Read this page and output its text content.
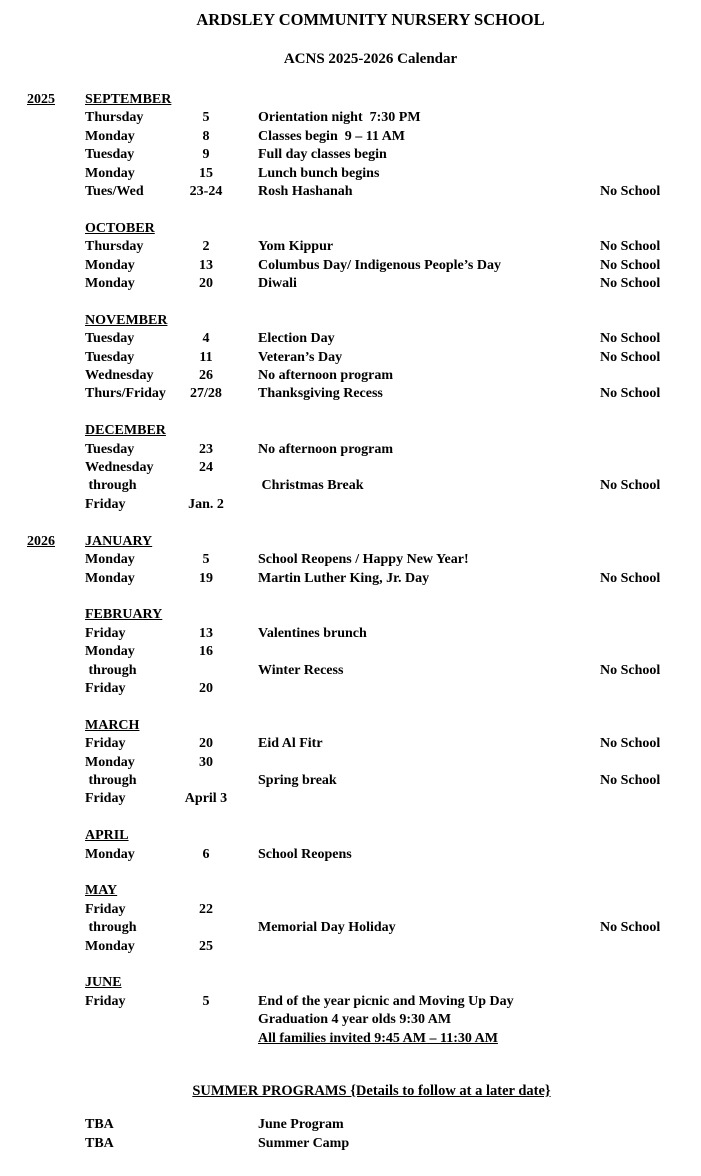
ARDSLEY COMMUNITY NURSERY SCHOOL
ACNS 2025-2026 Calendar
2025	SEPTEMBER
Thursday	5	Orientation night  7:30 PM
Monday	8	Classes begin  9 – 11 AM
Tuesday	9	Full day classes begin
Monday	15	Lunch bunch begins
Tues/Wed	23-24	Rosh Hashanah	No School
OCTOBER
Thursday	2	Yom Kippur	No School
Monday	13	Columbus Day/ Indigenous People’s Day	No School
Monday	20	Diwali	No School
NOVEMBER
Tuesday	4	Election Day	No School
Tuesday	11	Veteran’s Day	No School
Wednesday	26	No afternoon program
Thurs/Friday	27/28	Thanksgiving Recess	No School
DECEMBER
Tuesday	23	No afternoon program
Wednesday	24
through	Christmas Break	No School
Friday	Jan. 2
2026	JANUARY
Monday	5	School Reopens / Happy New Year!
Monday	19	Martin Luther King, Jr. Day	No School
FEBRUARY
Friday	13	Valentines brunch
Monday	16
through	Winter Recess	No School
Friday	20
MARCH
Friday	20	Eid Al Fitr	No School
Monday	30
through	Spring break	No School
Friday	April 3
APRIL
Monday	6	School Reopens
MAY
Friday	22
through	Memorial Day Holiday	No School
Monday	25
JUNE
Friday	5	End of the year picnic and Moving Up Day
Graduation 4 year olds 9:30 AM
All families invited 9:45 AM – 11:30 AM
SUMMER PROGRAMS {Details to follow at a later date}
TBA	June Program
TBA	Summer Camp
